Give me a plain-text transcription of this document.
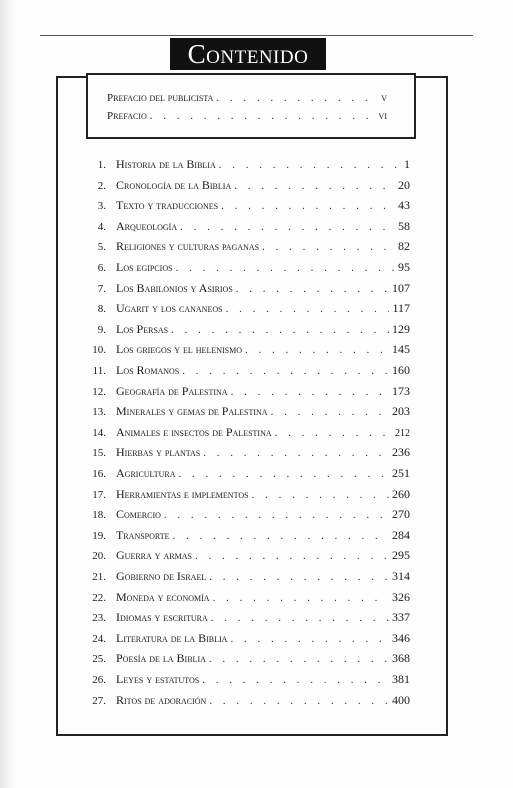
Contenido
Prefacio del publicista . . .	v
Prefacio . . .	vi
1. Historia de la Biblia . . .	1
2. Cronología de la Biblia . . .	20
3. Texto y traducciones . . .	43
4. Arqueología . . .	58
5. Religiones y culturas paganas . . .	82
6. Los egipcios . . .	95
7. Los Babilonios y Asirios . . .	107
8. Ugarit y los cananeos . . .	117
9. Los Persas . . .	129
10. Los griegos y el helenismo . . .	145
11. Los Romanos . . .	160
12. Geografía de Palestina . . .	173
13. Minerales y gemas de Palestina . . .	203
14. Animales e insectos de Palestina . . .	212
15. Hierbas y plantas . . .	236
16. Agricultura . . .	251
17. Herramientas e implementos . . .	260
18. Comercio . . .	270
19. Transporte . . .	284
20. Guerra y armas . . .	295
21. Gobierno de Israel . . .	314
22. Moneda y economía . . .	326
23. Idiomas y escritura . . .	337
24. Literatura de la Biblia . . .	346
25. Poesía de la Biblia . . .	368
26. Leyes y estatutos . . .	381
27. Ritos de adoración . . .	400
